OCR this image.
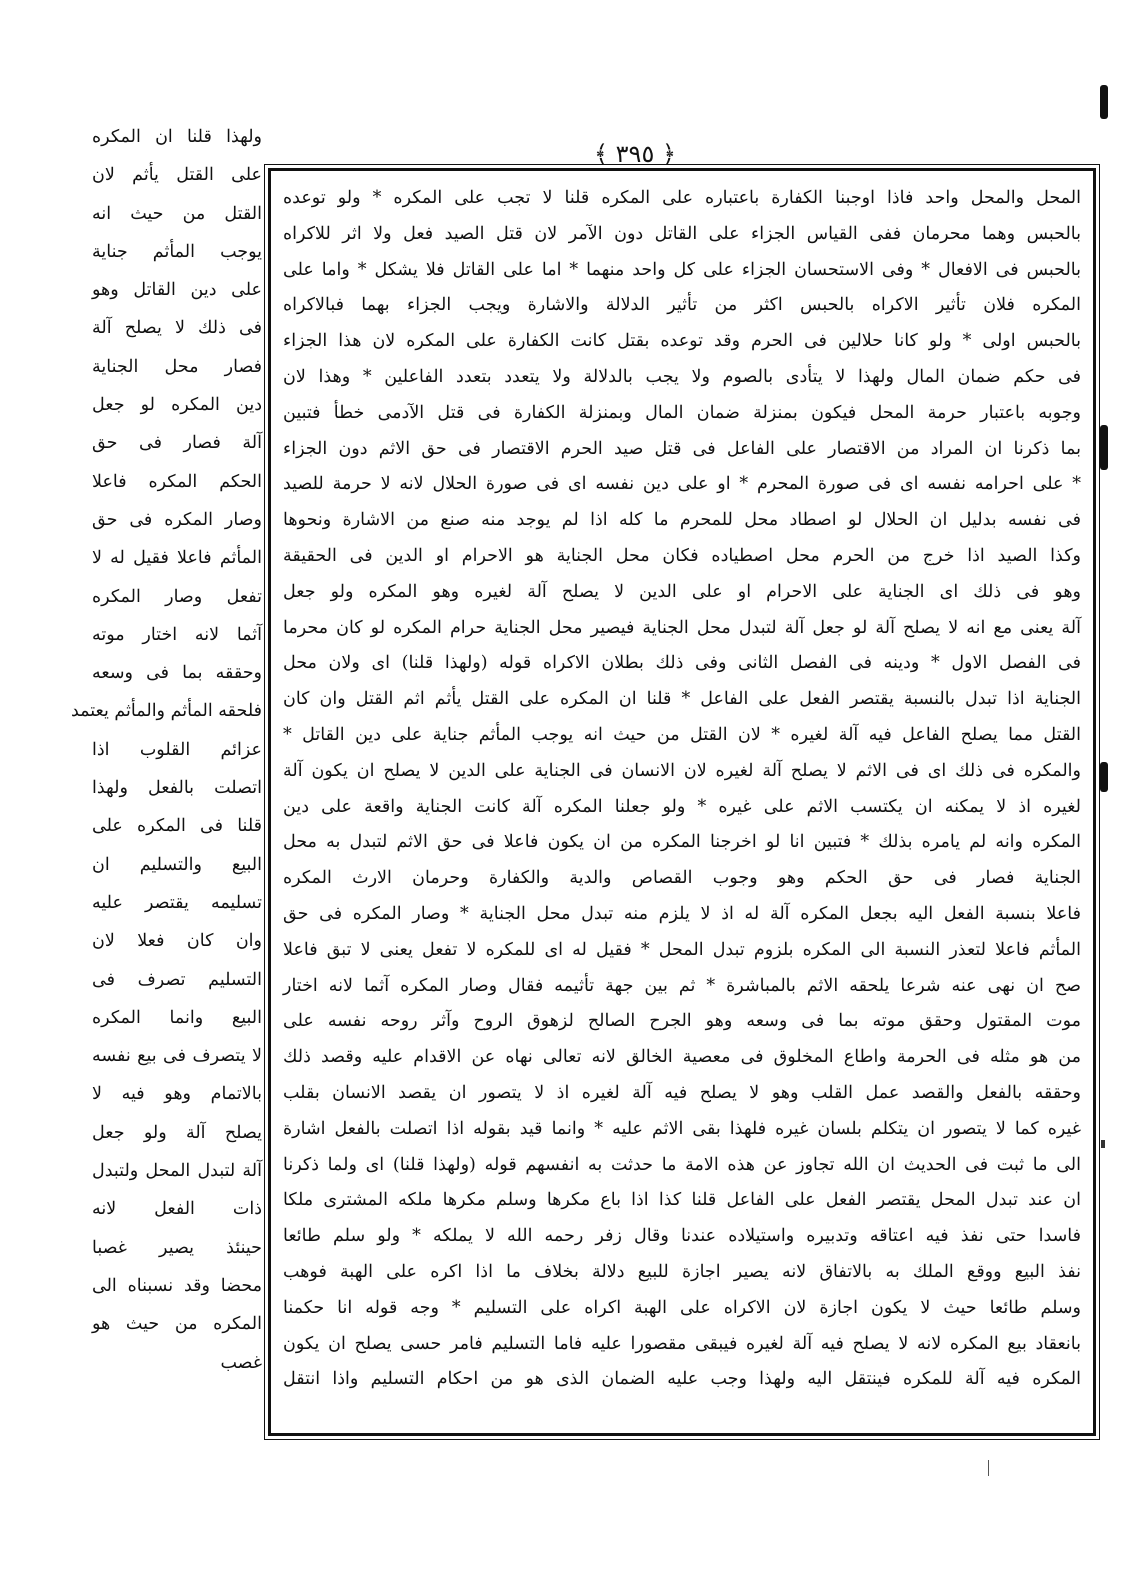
﴿ ٣٩٥ ﴾
المحل والمحل واحد فاذا اوجبنا الكفارة باعتباره على المكره قلنا لا تجب على المكره * ولو توعده
بالحبس وهما محرمان ففى القياس الجزاء على القاتل دون الآمر لان قتل الصيد فعل ولا اثر للاكراه
بالحبس فى الافعال * وفى الاستحسان الجزاء على كل واحد منهما * اما على القاتل فلا يشكل * واما على
المكره فلان تأثير الاكراه بالحبس اكثر من تأثير الدلالة والاشارة ويجب الجزاء بهما فبالاكراه
بالحبس اولى * ولو كانا حلالين فى الحرم وقد توعده بقتل كانت الكفارة على المكره لان هذا الجزاء
فى حكم ضمان المال ولهذا لا يتأدى بالصوم ولا يجب بالدلالة ولا يتعدد بتعدد الفاعلين * وهذا لان
وجوبه باعتبار حرمة المحل فيكون بمنزلة ضمان المال وبمنزلة الكفارة فى قتل الآدمى خطأ فتبين
بما ذكرنا ان المراد من الاقتصار على الفاعل فى قتل صيد الحرم الاقتصار فى حق الاثم دون الجزاء
* على احرامه نفسه اى فى صورة المحرم * او على دين نفسه اى فى صورة الحلال لانه لا حرمة للصيد
فى نفسه بدليل ان الحلال لو اصطاد محل للمحرم ما كله اذا لم يوجد منه صنع من الاشارة ونحوها
وكذا الصيد اذا خرج من الحرم محل اصطياده فكان محل الجناية هو الاحرام او الدين فى الحقيقة
وهو فى ذلك اى الجناية على الاحرام او على الدين لا يصلح آلة لغيره وهو المكره ولو جعل
آلة يعنى مع انه لا يصلح آلة لو جعل آلة لتبدل محل الجناية فيصير محل الجناية حرام المكره لو كان محرما
فى الفصل الاول * ودينه فى الفصل الثانى وفى ذلك بطلان الاكراه قوله (ولهذا قلنا) اى ولان محل
الجناية اذا تبدل بالنسبة يقتصر الفعل على الفاعل * قلنا ان المكره على القتل يأثم اثم القتل وان كان
القتل مما يصلح الفاعل فيه آلة لغيره * لان القتل من حيث انه يوجب المأثم جناية على دين القاتل *
والمكره فى ذلك اى فى الاثم لا يصلح آلة لغيره لان الانسان فى الجناية على الدين لا يصلح ان يكون آلة
لغيره اذ لا يمكنه ان يكتسب الاثم على غيره * ولو جعلنا المكره آلة كانت الجناية واقعة على دين
المكره وانه لم يامره بذلك * فتبين انا لو اخرجنا المكره من ان يكون فاعلا فى حق الاثم لتبدل به محل
الجناية فصار فى حق الحكم وهو وجوب القصاص والدية والكفارة وحرمان الارث المكره
فاعلا بنسبة الفعل اليه بجعل المكره آلة له اذ لا يلزم منه تبدل محل الجناية * وصار المكره فى حق
المأثم فاعلا لتعذر النسبة الى المكره بلزوم تبدل المحل * فقيل له اى للمكره لا تفعل يعنى لا تبق فاعلا
صح ان نهى عنه شرعا يلحقه الاثم بالمباشرة * ثم بين جهة تأثيمه فقال وصار المكره آثما لانه اختار
موت المقتول وحقق موته بما فى وسعه وهو الجرح الصالح لزهوق الروح وآثر روحه نفسه على
من هو مثله فى الحرمة واطاع المخلوق فى معصية الخالق لانه تعالى نهاه عن الاقدام عليه وقصد ذلك
وحققه بالفعل والقصد عمل القلب وهو لا يصلح فيه آلة لغيره اذ لا يتصور ان يقصد الانسان بقلب
غيره كما لا يتصور ان يتكلم بلسان غيره فلهذا بقى الاثم عليه * وانما قيد بقوله اذا اتصلت بالفعل اشارة
الى ما ثبت فى الحديث ان الله تجاوز عن هذه الامة ما حدثت به انفسهم قوله (ولهذا قلنا) اى ولما ذكرنا
ان عند تبدل المحل يقتصر الفعل على الفاعل قلنا كذا اذا باع مكرها وسلم مكرها ملكه المشترى ملكا
فاسدا حتى نفذ فيه اعتاقه وتدبيره واستيلاده عندنا وقال زفر رحمه الله لا يملكه * ولو سلم طائعا
نفذ البيع ووقع الملك به بالاتفاق لانه يصير اجازة للبيع دلالة بخلاف ما اذا اكره على الهبة فوهب
وسلم طائعا حيث لا يكون اجازة لان الاكراه على الهبة اكراه على التسليم * وجه قوله انا حكمنا
بانعقاد بيع المكره لانه لا يصلح فيه آلة لغيره فيبقى مقصورا عليه فاما التسليم فامر حسى يصلح ان يكون
المكره فيه آلة للمكره فينتقل اليه ولهذا وجب عليه الضمان الذى هو من احكام التسليم واذا انتقل
ولهذا قلنا ان المكره
على القتل يأثم لان
القتل من حيث انه
يوجب المأثم جناية
على دين القاتل وهو
فى ذلك لا يصلح آلة
فصار محل الجناية
دين المكره لو جعل
آلة فصار فى حق
الحكم المكره فاعلا
وصار المكره فى حق
المأثم فاعلا فقيل له لا
تفعل وصار المكره
آثما لانه اختار موته
وحققه بما فى وسعه
فلحقه المأثم والمأثم يعتمد
عزائم القلوب اذا
اتصلت بالفعل ولهذا
قلنا فى المكره على
البيع والتسليم ان
تسليمه يقتصر عليه
وان كان فعلا لان
التسليم تصرف فى
البيع وانما المكره
لا يتصرف فى بيع نفسه
بالاتمام وهو فيه لا
يصلح آلة ولو جعل
آلة لتبدل المحل ولتبدل
ذات الفعل لانه
حينئذ يصير غصبا
محضا وقد نسبناه الى
المكره من حيث هو
غصب
